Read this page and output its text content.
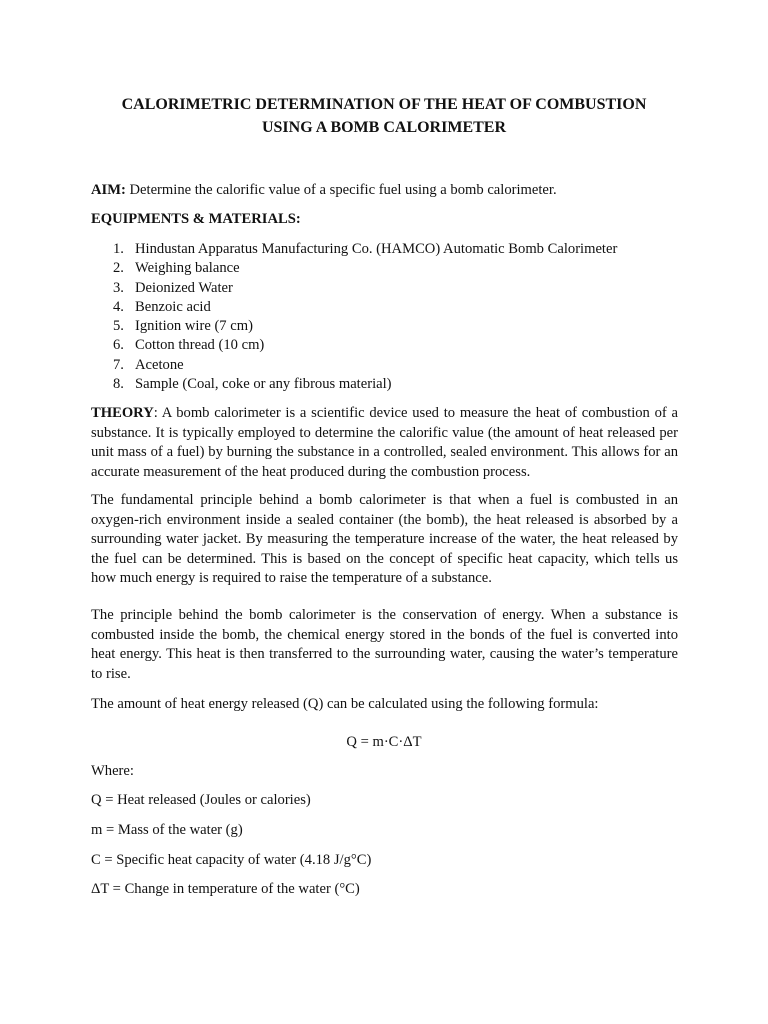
CALORIMETRIC DETERMINATION OF THE HEAT OF COMBUSTION
USING A BOMB CALORIMETER
AIM: Determine the calorific value of a specific fuel using a bomb calorimeter.
EQUIPMENTS & MATERIALS:
1. Hindustan Apparatus Manufacturing Co. (HAMCO) Automatic Bomb Calorimeter
2. Weighing balance
3. Deionized Water
4. Benzoic acid
5. Ignition wire (7 cm)
6. Cotton thread (10 cm)
7. Acetone
8. Sample (Coal, coke or any fibrous material)
THEORY: A bomb calorimeter is a scientific device used to measure the heat of combustion of a substance. It is typically employed to determine the calorific value (the amount of heat released per unit mass of a fuel) by burning the substance in a controlled, sealed environment. This allows for an accurate measurement of the heat produced during the combustion process.
The fundamental principle behind a bomb calorimeter is that when a fuel is combusted in an oxygen-rich environment inside a sealed container (the bomb), the heat released is absorbed by a surrounding water jacket. By measuring the temperature increase of the water, the heat released by the fuel can be determined. This is based on the concept of specific heat capacity, which tells us how much energy is required to raise the temperature of a substance.
The principle behind the bomb calorimeter is the conservation of energy. When a substance is combusted inside the bomb, the chemical energy stored in the bonds of the fuel is converted into heat energy. This heat is then transferred to the surrounding water, causing the water’s temperature to rise.
The amount of heat energy released (Q) can be calculated using the following formula:
Q = m·C·ΔT
Where:
Q = Heat released (Joules or calories)
m = Mass of the water (g)
C = Specific heat capacity of water (4.18 J/g°C)
ΔT = Change in temperature of the water (°C)
